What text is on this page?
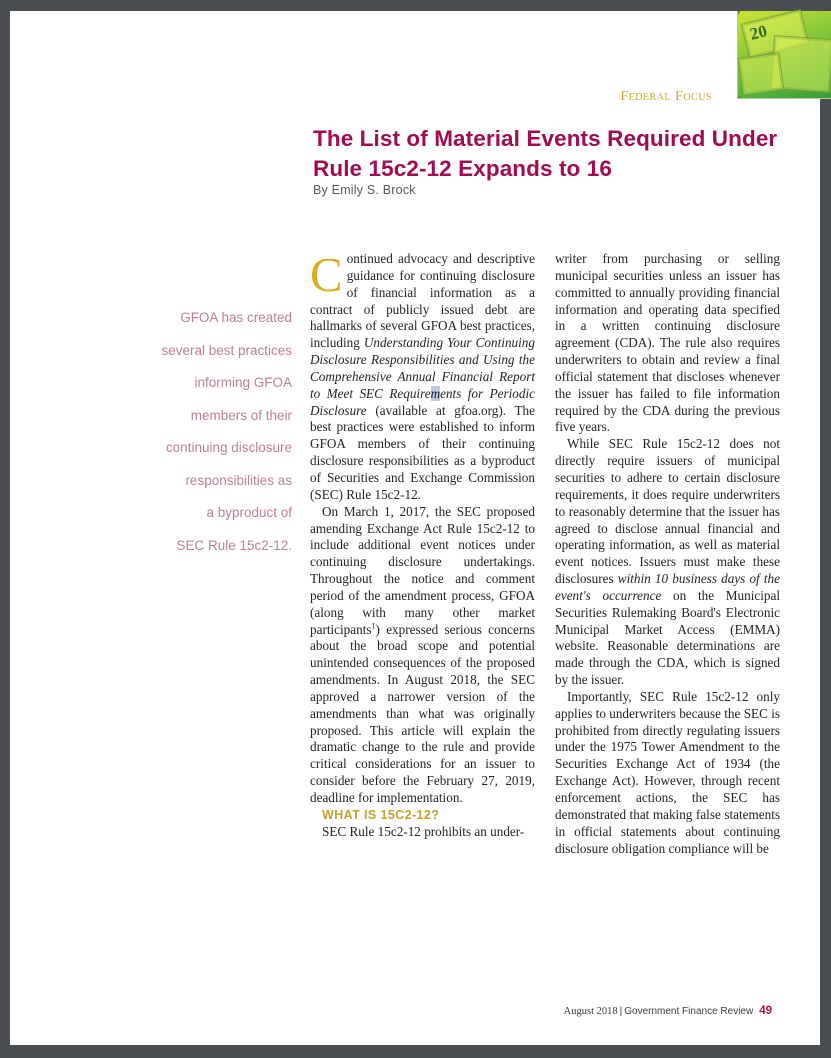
20
Federal Focus
The List of Material Events Required Under Rule 15c2-12 Expands to 16
By Emily S. Brock
GFOA has created
several best practices
informing GFOA
members of their
continuing disclosure
responsibilities as
a byproduct of
SEC Rule 15c2-12.

Continued advocacy and descriptive guidance for continuing disclosure of financial information as a contract of publicly issued debt are hallmarks of several GFOA best practices, including Understanding Your Continuing Disclosure Responsibilities and Using the Comprehensive Annual Financial Report to Meet SEC Requirements for Periodic Disclosure (available at gfoa.org). The best practices were established to inform GFOA members of their continuing disclosure responsibilities as a byproduct of Securities and Exchange Commission (SEC) Rule 15c2-12.

On March 1, 2017, the SEC proposed amending Exchange Act Rule 15c2-12 to include additional event notices under continuing disclosure undertakings. Throughout the notice and comment period of the amendment process, GFOA (along with many other market participants$^1$) expressed serious concerns about the broad scope and potential unintended consequences of the proposed amendments. In August 2018, the SEC approved a narrower version of the amendments than what was originally proposed. This article will explain the dramatic change to the rule and provide critical considerations for an issuer to consider before the February 27, 2019, deadline for implementation.

WHAT IS 15C2-12?

SEC Rule 15c2-12 prohibits an under-

writer from purchasing or selling municipal securities unless an issuer has committed to annually providing financial information and operating data specified in a written continuing disclosure agreement (CDA). The rule also requires underwriters to obtain and review a final official statement that discloses whenever the issuer has failed to file information required by the CDA during the previous five years.

While SEC Rule 15c2-12 does not directly require issuers of municipal securities to adhere to certain disclosure requirements, it does require underwriters to reasonably determine that the issuer has agreed to disclose annual financial and operating information, as well as material event notices. Issuers must make these disclosures within 10 business days of the event's occurrence on the Municipal Securities Rulemaking Board's Electronic Municipal Market Access (EMMA) website. Reasonable determinations are made through the CDA, which is signed by the issuer.

Importantly, SEC Rule 15c2-12 only applies to underwriters because the SEC is prohibited from directly regulating issuers under the 1975 Tower Amendment to the Securities Exchange Act of 1934 (the Exchange Act). However, through recent enforcement actions, the SEC has demonstrated that making false statements in official statements about continuing disclosure obligation compliance will be

August 2018 | Government Finance Review 49
